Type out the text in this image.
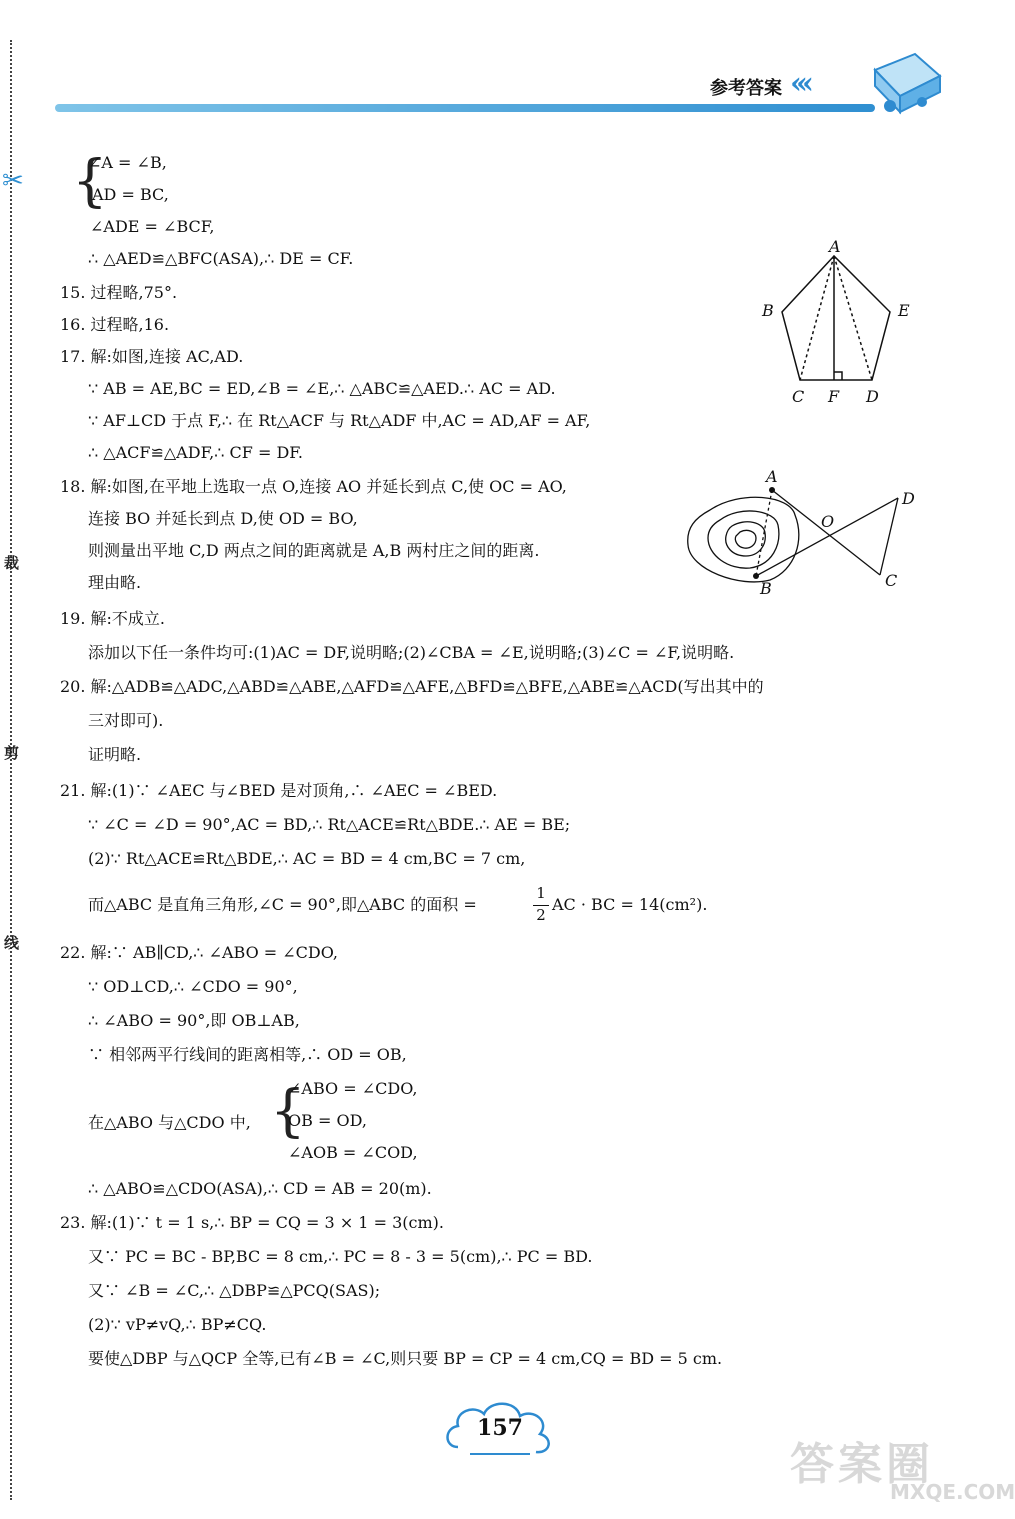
✂
裁
剪
线
参考答案 ‹‹‹
{
∠A = ∠B,
AD = BC,
∠ADE = ∠BCF,
∴ △AED≌△BFC(ASA),∴ DE = CF.
15. 过程略,75°.
16. 过程略,16.
17. 解:如图,连接 AC,AD.
∵ AB = AE,BC = ED,∠B = ∠E,∴ △ABC≌△AED.∴ AC = AD.
∵ AF⊥CD 于点 F,∴ 在 Rt△ACF 与 Rt△ADF 中,AC = AD,AF = AF,
∴ △ACF≌△ADF,∴ CF = DF.
18. 解:如图,在平地上选取一点 O,连接 AO 并延长到点 C,使 OC = AO,
连接 BO 并延长到点 D,使 OD = BO,
则测量出平地 C,D 两点之间的距离就是 A,B 两村庄之间的距离.
理由略.
19. 解:不成立.
添加以下任一条件均可:(1)AC = DF,说明略;(2)∠CBA = ∠E,说明略;(3)∠C = ∠F,说明略.
20. 解:△ADB≌△ADC,△ABD≌△ABE,△AFD≌△AFE,△BFD≌△BFE,△ABE≌△ACD(写出其中的
三对即可).
证明略.
21. 解:(1)∵ ∠AEC 与∠BED 是对顶角,∴ ∠AEC = ∠BED.
∵ ∠C = ∠D = 90°,AC = BD,∴ Rt△ACE≌Rt△BDE.∴ AE = BE;
(2)∵ Rt△ACE≌Rt△BDE,∴ AC = BD = 4 cm,BC = 7 cm,
而△ABC 是直角三角形,∠C = 90°,即△ABC 的面积 =
1
2
AC · BC = 14(cm²).
22. 解:∵ AB∥CD,∴ ∠ABO = ∠CDO,
∵ OD⊥CD,∴ ∠CDO = 90°,
∴ ∠ABO = 90°,即 OB⊥AB,
∵ 相邻两平行线间的距离相等,∴ OD = OB,
{
∠ABO = ∠CDO,
在△ABO 与△CDO 中, OB = OD,
∠AOB = ∠COD,
∴ △ABO≌△CDO(ASA),∴ CD = AB = 20(m).
23. 解:(1)∵ t = 1 s,∴ BP = CQ = 3 × 1 = 3(cm).
又∵ PC = BC - BP,BC = 8 cm,∴ PC = 8 - 3 = 5(cm),∴ PC = BD.
又∵ ∠B = ∠C,∴ △DBP≌△PCQ(SAS);
(2)∵ vP≠vQ,∴ BP≠CQ.
要使△DBP 与△QCP 全等,已有∠B = ∠C,则只要 BP = CP = 4 cm,CQ = BD = 5 cm.
A
B	E
C F D
A
O
D
B	C
157
答案圈
MXQE.COM
